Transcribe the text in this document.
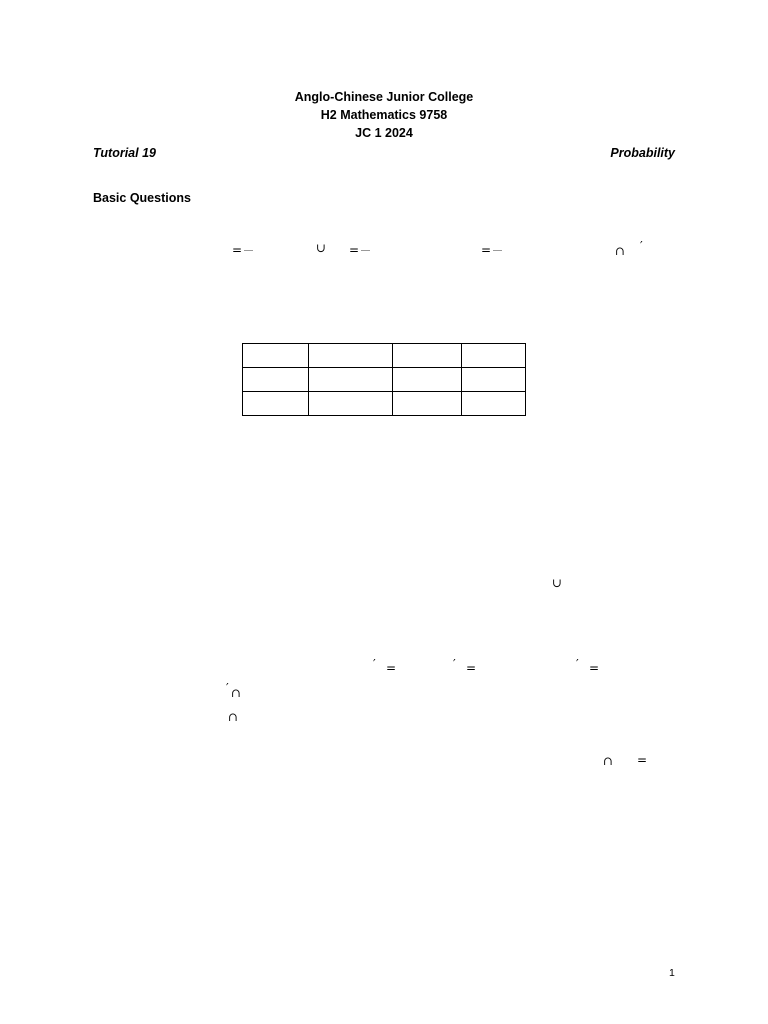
Anglo-Chinese Junior College
H2 Mathematics 9758
JC 1 2024
Tutorial 19	Probability
Basic Questions
=	∪ =	=	∩ ′

∪
′ =	′ =	′ =
′ ∩
∩
∩ =
1
